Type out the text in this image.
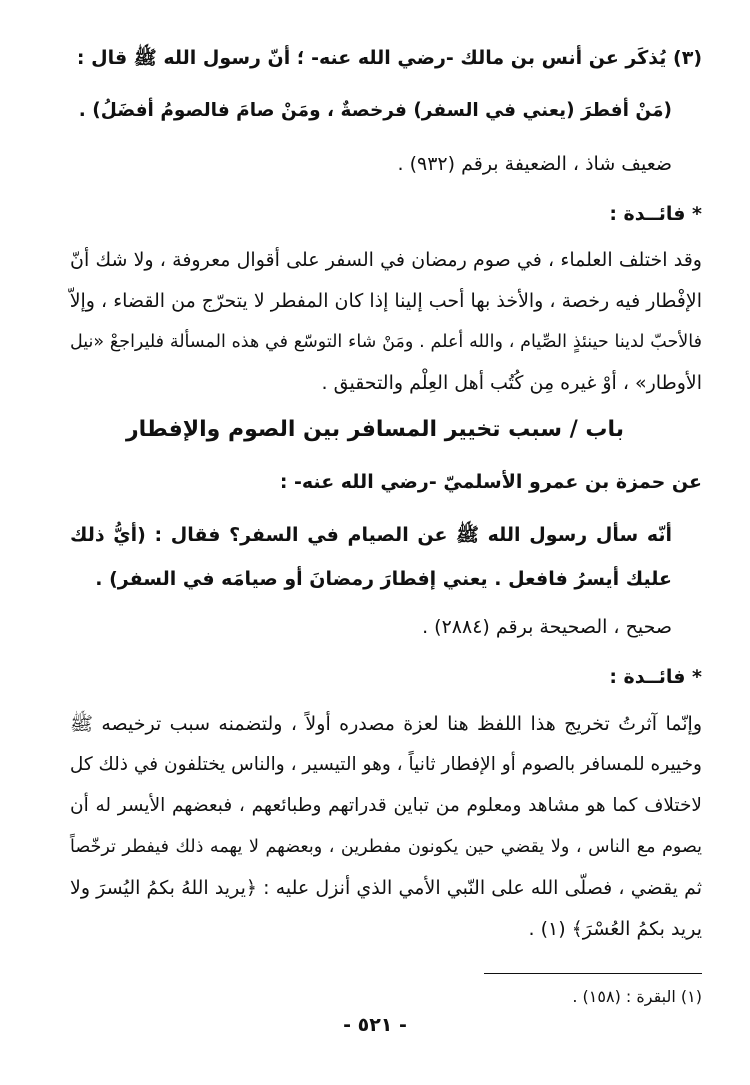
(٣) يُذكَر عن أنس بن مالك -رضي الله عنه- ؛ أنّ رسول الله ﷺ قال :
(مَنْ أفطرَ (يعني في السفر) فرخصةٌ ، ومَنْ صامَ فالصومُ أفضَلُ) .
ضعيف شاذ ، الضعيفة برقم (٩٣٢) .
* فائــدة :
وقد اختلف العلماء ، في صوم رمضان في السفر على أقوال معروفة ، ولا شك أنّ
الإفْطار فيه رخصة ، والأخذ بها أحب إلينا إذا كان المفطر لا يتحرّج من القضاء ، وإلاّ
فالأحبّ لدينا حينئذٍ الصِّيام ، والله أعلم . ومَنْ شاء التوسّع في هذه المسألة فليراجعْ «نيل
الأوطار» ، أوْ غيره مِن كُتُب أهل العِلْم والتحقيق .
باب / سبب تخيير المسافر بين الصوم والإفطار
عن حمزة بن عمرو الأسلميّ -رضي الله عنه- :
أنّه سأل رسول الله ﷺ عن الصيام في السفر؟ فقال : (أيُّ ذلك
عليك أيسرُ فافعل . يعني إفطارَ رمضانَ أو صيامَه في السفر) .
صحيح ، الصحيحة برقم (٢٨٨٤) .
* فائــدة :
وإنّما آثرتُ تخريج هذا اللفظ هنا لعزة مصدره أولاً ، ولتضمنه سبب ترخيصه ﷺ
وخييره للمسافر بالصوم أو الإفطار ثانياً ، وهو التيسير ، والناس يختلفون في ذلك كل
لاختلاف كما هو مشاهد ومعلوم من تباين قدراتهم وطبائعهم ، فبعضهم الأيسر له أن
يصوم مع الناس ، ولا يقضي حين يكونون مفطرين ، وبعضهم لا يهمه ذلك فيفطر ترخّصاً
ثم يقضي ، فصلّى الله على النّبي الأمي الذي أنزل عليه : ﴿يريد اللهُ بكمُ اليُسرَ ولا
يريد بكمُ العُسْرَ﴾ (١) .
(١) البقرة : (١٥٨) .
- ٥٢١ -
